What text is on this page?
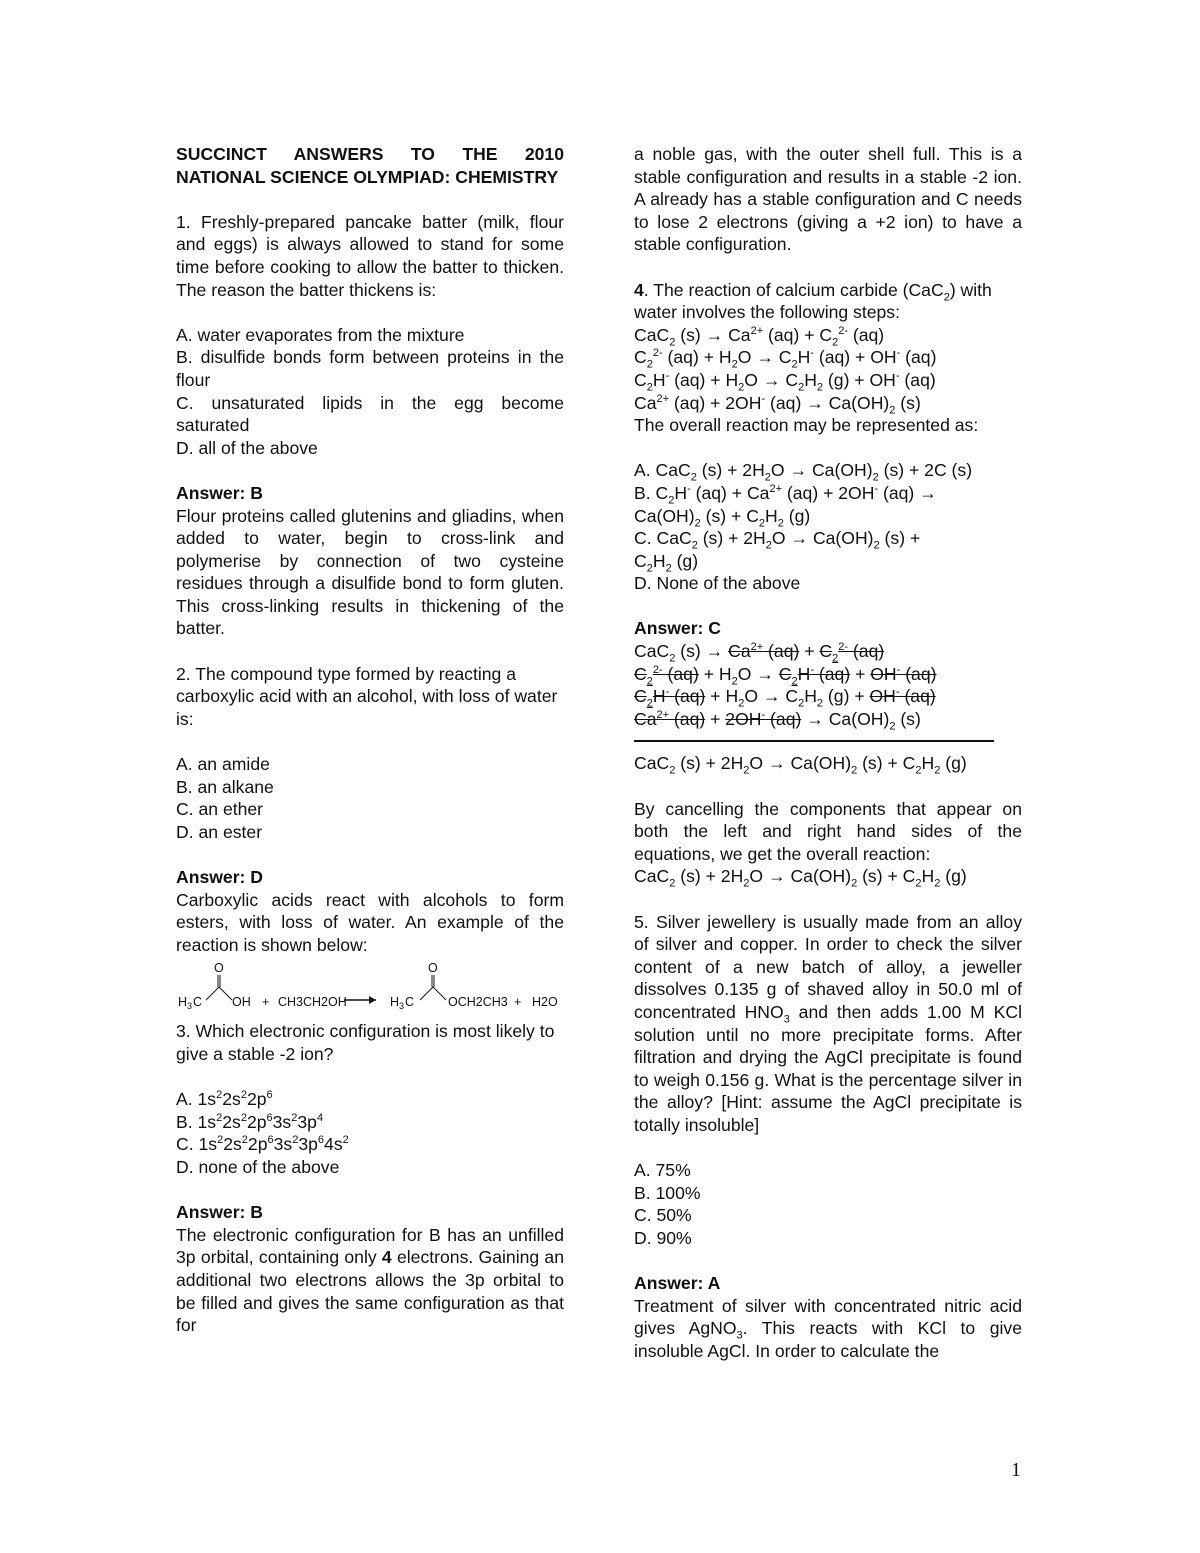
SUCCINCT ANSWERS TO THE 2010 NATIONAL SCIENCE OLYMPIAD: CHEMISTRY

1. Freshly-prepared pancake batter (milk, flour and eggs) is always allowed to stand for some time before cooking to allow the batter to thicken. The reason the batter thickens is:

A. water evaporates from the mixture

B. disulfide bonds form between proteins in the flour

C. unsaturated lipids in the egg become saturated

D. all of the above

Answer: B

Flour proteins called glutenins and gliadins, when added to water, begin to cross-link and polymerise by connection of two cysteine residues through a disulfide bond to form gluten. This cross-linking results in thickening of the batter.

2. The compound type formed by reacting a carboxylic acid with an alcohol, with loss of water is:

A. an amide

B. an alkane

C. an ether

D. an ester

Answer: D

Carboxylic acids react with alcohols to form esters, with loss of water. An example of the reaction is shown below:

O
H 3 C OH + CH3CH2OH
O
H 3 C	OCH2CH3 + H2O

3. Which electronic configuration is most likely to give a stable -2 ion?

A. $1s^22s^22p^6$

B. $1s^22s^22p^63s^23p^4$

C. $1s^22s^22p^63s^23p^64s^2$

D. none of the above

Answer: B

The electronic configuration for B has an unfilled 3p orbital, containing only 4 electrons. Gaining an additional two electrons allows the 3p orbital to be filled and gives the same configuration as that for

a noble gas, with the outer shell full. This is a stable configuration and results in a stable -2 ion. A already has a stable configuration and C needs to lose 2 electrons (giving a +2 ion) to have a stable configuration.

4. The reaction of calcium carbide (CaC$_2$) with water involves the following steps:

CaC$_2$ $(s) \to Ca^{2+}$ $(aq) + C_2^{2-}$ (aq)

$C_2^{2-}$ $(aq) + H_2O \to C_2H^-$ (aq) + OH- (aq)

$C_2H^-$ $(aq) + H_2O \to C_2H_2$ (g) + OH- (aq)

$Ca^{2+}$ (aq) + 2OH- $(aq) \to Ca(OH)_2$ (s)

The overall reaction may be represented as:

A. CaC$_2$ $(s) + 2H_2O \to Ca(OH)_2$ (s) + 2C (s)

B. $C_2H^-$ $(aq) + Ca^{2+}$ (aq) + 2OH- (aq) →
$Ca(OH)_2$ $(s) + C_2H_2$ (g)

C. CaC$_2$ $(s) + 2H_2O \to Ca(OH)_2$ (s) +
$C_2H_2$ (g)

D. None of the above

Answer: C

CaC$_2$ $(s) \to Ca^{2+}$ $(aq) + C_2^{2-}$ (aq)

$C_2^{2-}$ $(aq) + H_2O \to C_2H^-$ (aq) + OH- (aq)

$C_2H^-$ $(aq) + H_2O \to C_2H_2$ (g) + OH- (aq)

$Ca^{2+}$ (aq) + 2OH- $(aq) \to Ca(OH)_2$ (s)

CaC$_2$ $(s) + 2H_2O \to Ca(OH)_2$ $(s) + C_2H_2$ (g)

By cancelling the components that appear on both the left and right hand sides of the equations, we get the overall reaction:

CaC$_2$ $(s) + 2H_2O \to Ca(OH)_2$ $(s) + C_2H_2$ (g)

5. Silver jewellery is usually made from an alloy of silver and copper. In order to check the silver content of a new batch of alloy, a jeweller dissolves 0.135 g of shaved alloy in 50.0 ml of concentrated $HNO_3$ and then adds 1.00 M KCl solution until no more precipitate forms. After filtration and drying the AgCl precipitate is found to weigh 0.156 g. What is the percentage silver in the alloy? [Hint: assume the AgCl precipitate is totally insoluble]

A. 75%

B. 100%

C. 50%

D. 90%

Answer: A

Treatment of silver with concentrated nitric acid gives AgNO$_3$. This reacts with KCl to give insoluble AgCl. In order to calculate the

1
